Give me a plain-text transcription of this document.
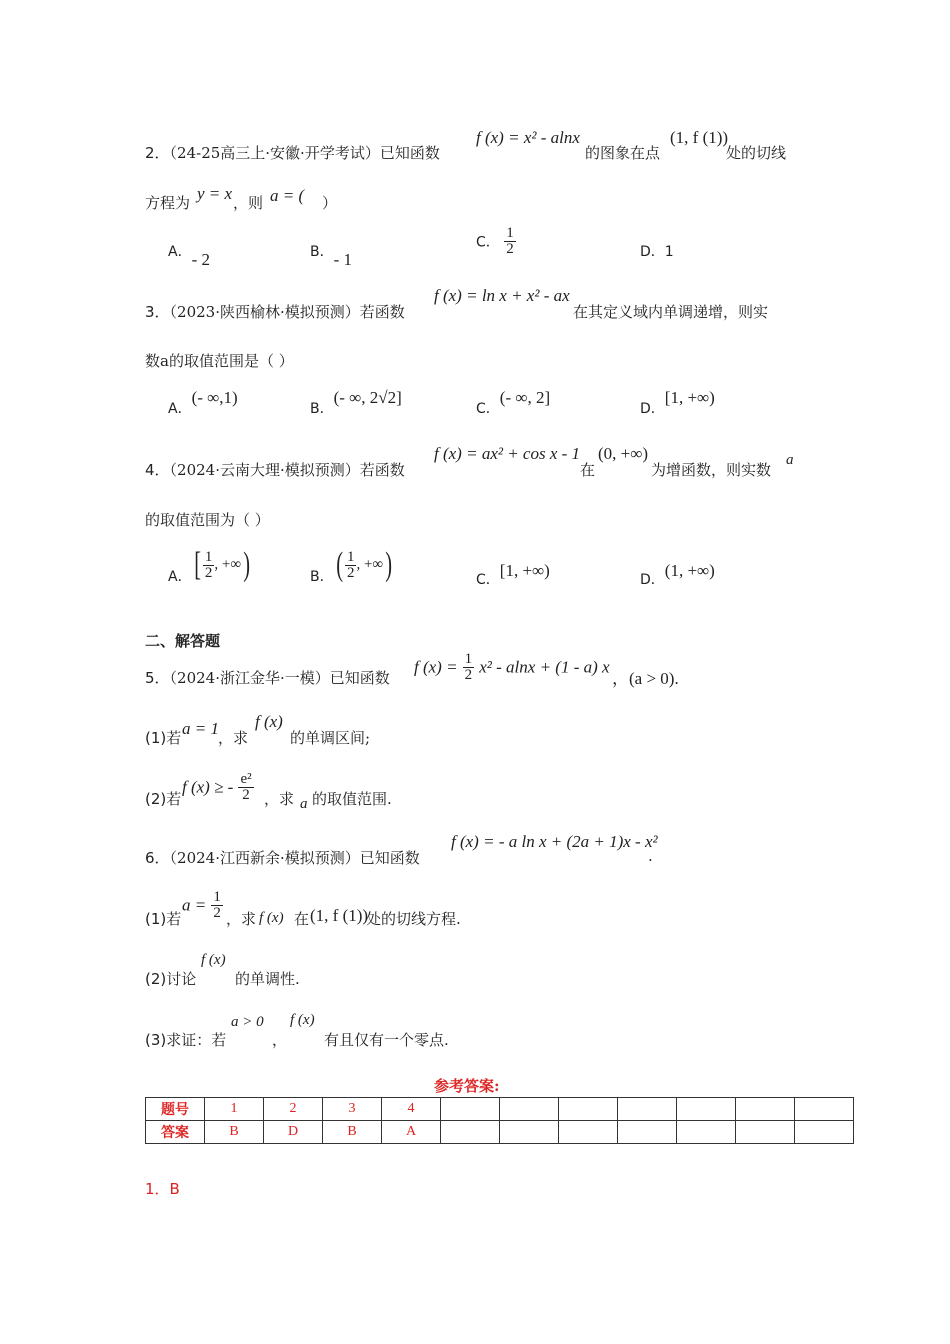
2．（24-25高三上·安徽·开学考试）已知函数
f (x) = x² - alnx
的图象在点
(1, f (1))
处的切线
方程为 y = x ，则 a = ( ）
A．- 2	B．- 1
C． $\frac{1}{2}$	D．1
3．（2023·陕西榆林·模拟预测）若函数
f (x) = ln x + x² - ax
在其定义域内单调递增，则实
数a的取值范围是（ ）
A．(- ∞,1)
B．(- ∞, 2√2]
C．(- ∞, 2]
D．[1, +∞)
4．（2024·云南大理·模拟预测）若函数
f (x) = ax² + cos x - 1
在
(0, +∞)
为增函数，则实数
a
的取值范围为（ ）
A．[ $\frac{1}{2}$ , +∞)	B．( $\frac{1}{2}$ , +∞)	C．[1, +∞)	D．(1, +∞)
二、解答题
5．（2024·浙江金华·一模）已知函数
f $(x) = \frac{1}{2} x^2 - alnx + (1 - a)$ x
，(a > 0).
(1)若 a = 1 ，求
f (x)
的单调区间;
(2)若
f (x) ≥ - $\frac{\text{e²}}{2}$ ，求 a 的取值范围.
6．（2024·江西新余·模拟预测）已知函数
f (x) = - a ln x + (2a + 1)x - x²
.
(1)若
$a = \frac{1}{2}$ ，求 f (x) 在 (1, f (1))
处的切线方程.
(2)讨论
f (x)
的单调性.
(3)求证：若
a > 0
，
f (x)
有且仅有一个零点.
参考答案:
题号	1	2	3	4							
答案	B	D	B	A							
1．B
